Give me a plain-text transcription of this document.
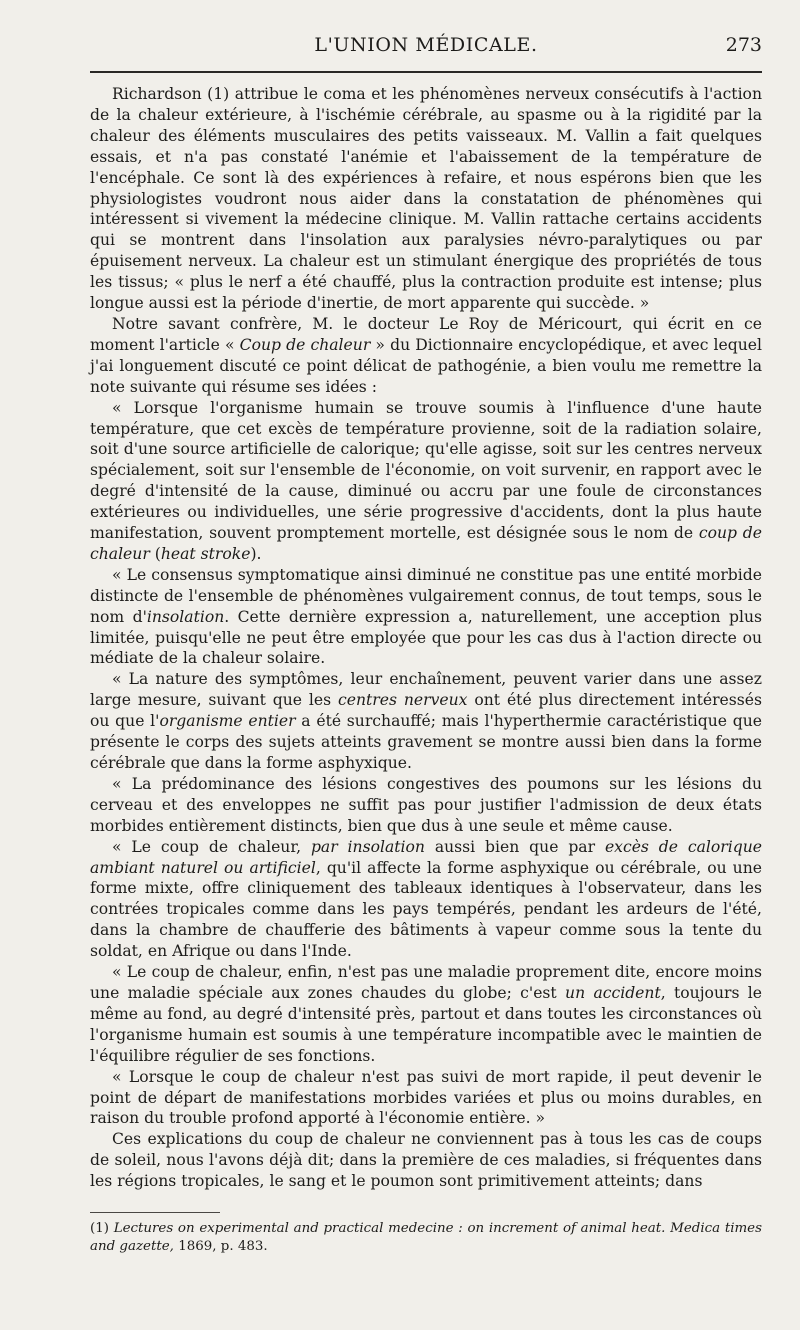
L'UNION MÉDICALE.	273

Richardson (1) attribue le coma et les phénomènes nerveux consécutifs à l'action de la chaleur extérieure, à l'ischémie cérébrale, au spasme ou à la rigidité par la chaleur des éléments musculaires des petits vaisseaux. M. Vallin a fait quelques essais, et n'a pas constaté l'anémie et l'abaissement de la température de l'encéphale. Ce sont là des expériences à refaire, et nous espérons bien que les physiologistes voudront nous aider dans la constatation de phénomènes qui intéressent si vivement la médecine clinique. M. Vallin rattache certains accidents qui se montrent dans l'insolation aux paralysies névro-paralytiques ou par épuisement nerveux. La chaleur est un stimulant énergique des propriétés de tous les tissus; « plus le nerf a été chauffé, plus la contraction produite est intense; plus longue aussi est la période d'inertie, de mort apparente qui succède. »

Notre savant confrère, M. le docteur Le Roy de Méricourt, qui écrit en ce moment l'article « Coup de chaleur » du Dictionnaire encyclopédique, et avec lequel j'ai longuement discuté ce point délicat de pathogénie, a bien voulu me remettre la note suivante qui résume ses idées :

« Lorsque l'organisme humain se trouve soumis à l'influence d'une haute température, que cet excès de température provienne, soit de la radiation solaire, soit d'une source artificielle de calorique; qu'elle agisse, soit sur les centres nerveux spécialement, soit sur l'ensemble de l'économie, on voit survenir, en rapport avec le degré d'intensité de la cause, diminué ou accru par une foule de circonstances extérieures ou individuelles, une série progressive d'accidents, dont la plus haute manifestation, souvent promptement mortelle, est désignée sous le nom de coup de chaleur (heat stroke).

« Le consensus symptomatique ainsi diminué ne constitue pas une entité morbide distincte de l'ensemble de phénomènes vulgairement connus, de tout temps, sous le nom d'insolation. Cette dernière expression a, naturellement, une acception plus limitée, puisqu'elle ne peut être employée que pour les cas dus à l'action directe ou médiate de la chaleur solaire.

« La nature des symptômes, leur enchaînement, peuvent varier dans une assez large mesure, suivant que les centres nerveux ont été plus directement intéressés ou que l'organisme entier a été surchauffé; mais l'hyperthermie caractéristique que présente le corps des sujets atteints gravement se montre aussi bien dans la forme cérébrale que dans la forme asphyxique.

« La prédominance des lésions congestives des poumons sur les lésions du cerveau et des enveloppes ne suffit pas pour justifier l'admission de deux états morbides entièrement distincts, bien que dus à une seule et même cause.

« Le coup de chaleur, par insolation aussi bien que par excès de calorique ambiant naturel ou artificiel, qu'il affecte la forme asphyxique ou cérébrale, ou une forme mixte, offre cliniquement des tableaux identiques à l'observateur, dans les contrées tropicales comme dans les pays tempérés, pendant les ardeurs de l'été, dans la chambre de chaufferie des bâtiments à vapeur comme sous la tente du soldat, en Afrique ou dans l'Inde.

« Le coup de chaleur, enfin, n'est pas une maladie proprement dite, encore moins une maladie spéciale aux zones chaudes du globe; c'est un accident, toujours le même au fond, au degré d'intensité près, partout et dans toutes les circonstances où l'organisme humain est soumis à une température incompatible avec le maintien de l'équilibre régulier de ses fonctions.

« Lorsque le coup de chaleur n'est pas suivi de mort rapide, il peut devenir le point de départ de manifestations morbides variées et plus ou moins durables, en raison du trouble profond apporté à l'économie entière. »

Ces explications du coup de chaleur ne conviennent pas à tous les cas de coups de soleil, nous l'avons déjà dit; dans la première de ces maladies, si fréquentes dans les régions tropicales, le sang et le poumon sont primitivement atteints; dans

(1) Lectures on experimental and practical medecine : on increment of animal heat. Medica times and gazette, 1869, p. 483.
